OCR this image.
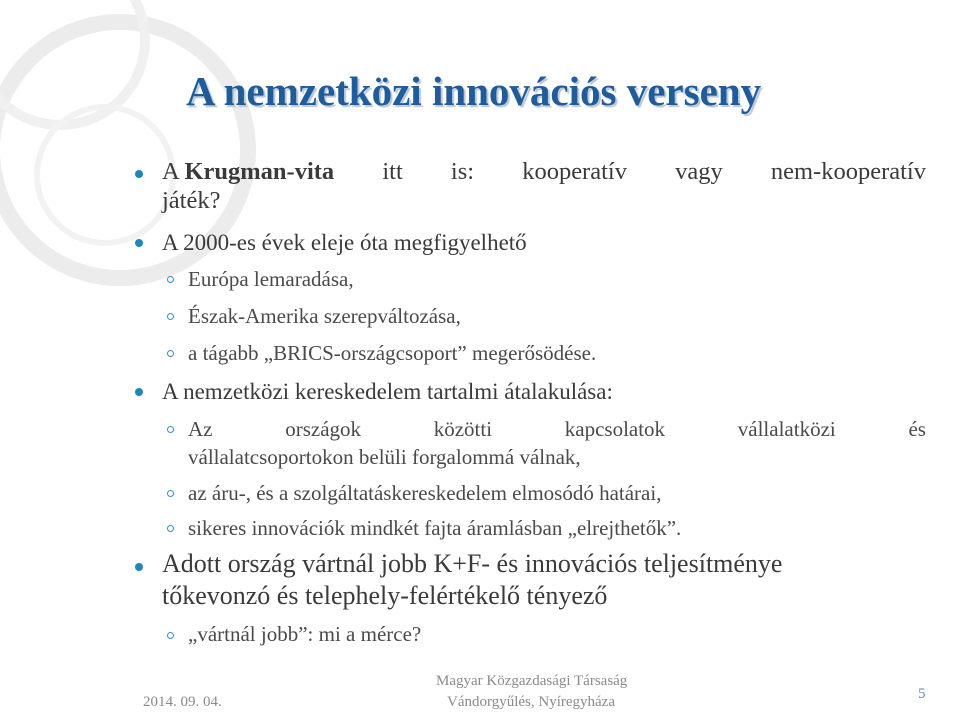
A nemzetközi innovációs verseny
A Krugman-vita itt is: kooperatív vagy nem-kooperatív
játék?
A 2000-es évek eleje óta megfigyelhető
Európa lemaradása,
Észak-Amerika szerepváltozása,
a tágabb „BRICS-országcsoport” megerősödése.
A nemzetközi kereskedelem tartalmi átalakulása:
Az	országok	közötti	kapcsolatok	vállalatközi	és
vállalatcsoportokon belüli forgalommá válnak,
az áru-, és a szolgáltatáskereskedelem elmosódó határai,
sikeres innovációk mindkét fajta áramlásban „elrejthetők”.
Adott ország vártnál jobb K+F- és innovációs teljesítménye
tőkevonzó és telephely-felértékelő tényező
„vártnál jobb”: mi a mérce?
2014. 09. 04.
Magyar Közgazdasági Társaság
Vándorgyűlés, Nyíregyháza	5
